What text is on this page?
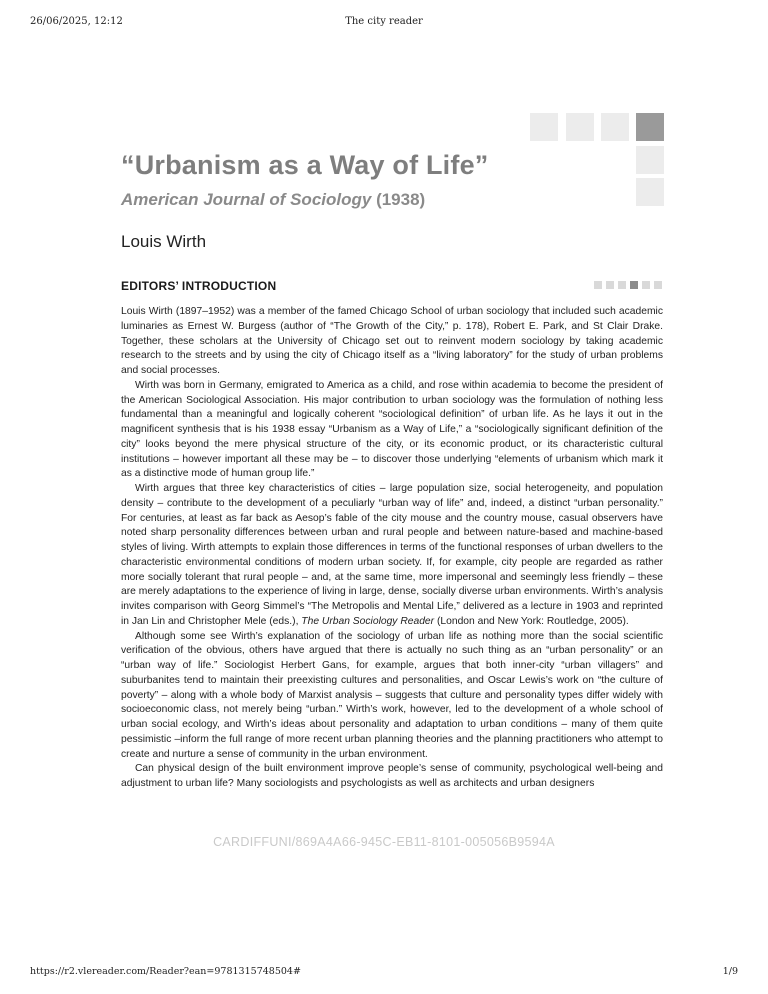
26/06/2025, 12:12	The city reader
“Urbanism as a Way of Life”
American Journal of Sociology (1938)
Louis Wirth
EDITORS’ INTRODUCTION

Louis Wirth (1897–1952) was a member of the famed Chicago School of urban sociology that included such academic luminaries as Ernest W. Burgess (author of “The Growth of the City,” p. 178), Robert E. Park, and St Clair Drake. Together, these scholars at the University of Chicago set out to reinvent modern sociology by taking academic research to the streets and by using the city of Chicago itself as a “living laboratory” for the study of urban problems and social processes.

Wirth was born in Germany, emigrated to America as a child, and rose within academia to become the president of the American Sociological Association. His major contribution to urban sociology was the formulation of nothing less fundamental than a meaningful and logically coherent “sociological definition” of urban life. As he lays it out in the magnificent synthesis that is his 1938 essay “Urbanism as a Way of Life,” a “sociologically significant definition of the city” looks beyond the mere physical structure of the city, or its economic product, or its characteristic cultural institutions – however important all these may be – to discover those underlying “elements of urbanism which mark it as a distinctive mode of human group life.”

Wirth argues that three key characteristics of cities – large population size, social heterogeneity, and population density – contribute to the development of a peculiarly “urban way of life” and, indeed, a distinct “urban personality.” For centuries, at least as far back as Aesop’s fable of the city mouse and the country mouse, casual observers have noted sharp personality differences between urban and rural people and between nature-based and machine-based styles of living. Wirth attempts to explain those differences in terms of the functional responses of urban dwellers to the characteristic environmental conditions of modern urban society. If, for example, city people are regarded as rather more socially tolerant that rural people – and, at the same time, more impersonal and seemingly less friendly – these are merely adaptations to the experience of living in large, dense, socially diverse urban environments. Wirth’s analysis invites comparison with Georg Simmel’s “The Metropolis and Mental Life,” delivered as a lecture in 1903 and reprinted in Jan Lin and Christopher Mele (eds.), The Urban Sociology Reader (London and New York: Routledge, 2005).

Although some see Wirth’s explanation of the sociology of urban life as nothing more than the social scientific verification of the obvious, others have argued that there is actually no such thing as an “urban personality” or an “urban way of life.” Sociologist Herbert Gans, for example, argues that both inner-city “urban villagers” and suburbanites tend to maintain their preexisting cultures and personalities, and Oscar Lewis’s work on “the culture of poverty” – along with a whole body of Marxist analysis – suggests that culture and personality types differ widely with socioeconomic class, not merely being “urban.” Wirth’s work, however, led to the development of a whole school of urban social ecology, and Wirth’s ideas about personality and adaptation to urban conditions – many of them quite pessimistic –inform the full range of more recent urban planning theories and the planning practitioners who attempt to create and nurture a sense of community in the urban environment.

Can physical design of the built environment improve people’s sense of community, psychological well-being and adjustment to urban life? Many sociologists and psychologists as well as architects and urban designers

CARDIFFUNI/869A4A66-945C-EB11-8101-005056B9594A
https://r2.vlereader.com/Reader?ean=9781315748504#	1/9
